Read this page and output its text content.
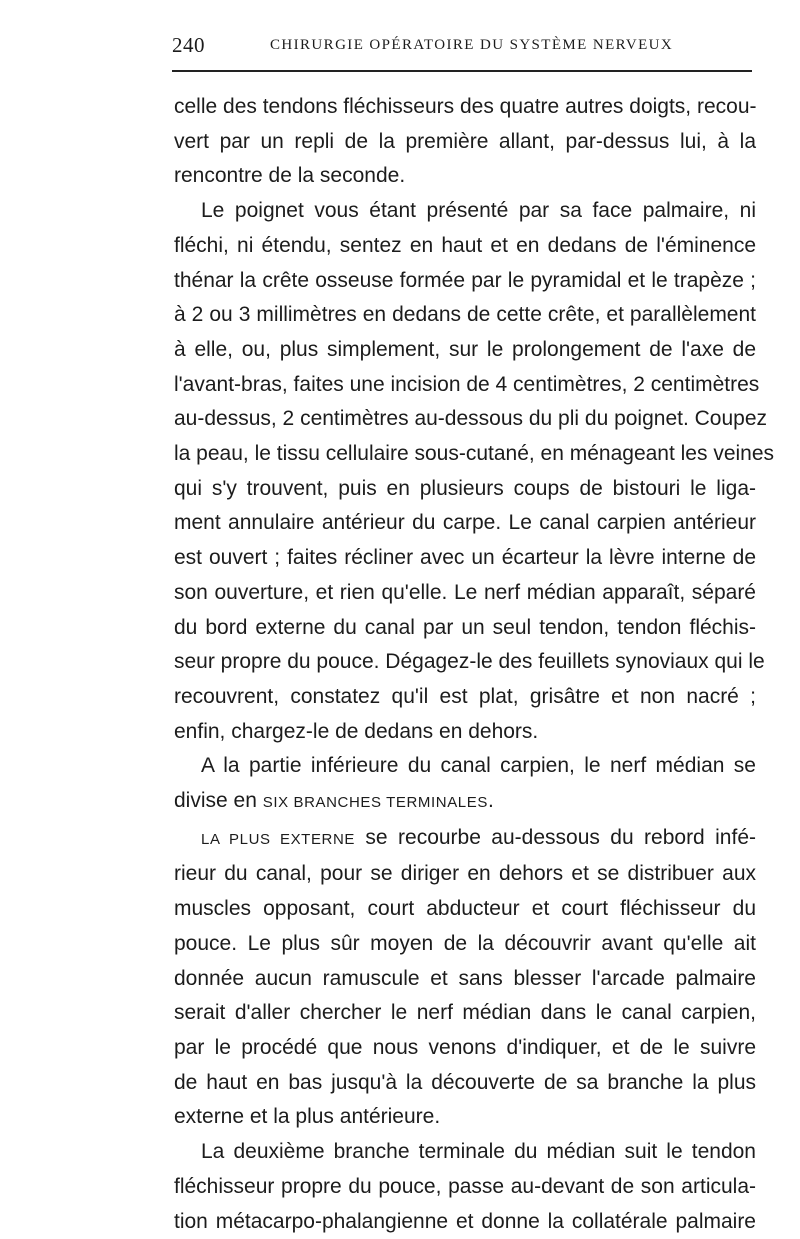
240	CHIRURGIE OPÉRATOIRE DU SYSTÈME NERVEUX

celle des tendons fléchisseurs des quatre autres doigts, recou-
vert par un repli de la première allant, par-dessus lui, à la
rencontre de la seconde.

Le poignet vous étant présenté par sa face palmaire, ni
fléchi, ni étendu, sentez en haut et en dedans de l'éminence
thénar la crête osseuse formée par le pyramidal et le trapèze ;
à 2 ou 3 millimètres en dedans de cette crête, et parallèlement
à elle, ou, plus simplement, sur le prolongement de l'axe de
l'avant-bras, faites une incision de 4 centimètres, 2 centimètres
au-dessus, 2 centimètres au-dessous du pli du poignet. Coupez
la peau, le tissu cellulaire sous-cutané, en ménageant les veines
qui s'y trouvent, puis en plusieurs coups de bistouri le liga-
ment annulaire antérieur du carpe. Le canal carpien antérieur
est ouvert ; faites récliner avec un écarteur la lèvre interne de
son ouverture, et rien qu'elle. Le nerf médian apparaît, séparé
du bord externe du canal par un seul tendon, tendon fléchis-
seur propre du pouce. Dégagez-le des feuillets synoviaux qui le
recouvrent, constatez qu'il est plat, grisâtre et non nacré ;
enfin, chargez-le de dedans en dehors.

A la partie inférieure du canal carpien, le nerf médian se
divise en SIX BRANCHES TERMINALES.

LA PLUS EXTERNE se recourbe au-dessous du rebord infé-
rieur du canal, pour se diriger en dehors et se distribuer aux
muscles opposant, court abducteur et court fléchisseur du
pouce. Le plus sûr moyen de la découvrir avant qu'elle ait
donnée aucun ramuscule et sans blesser l'arcade palmaire
serait d'aller chercher le nerf médian dans le canal carpien,
par le procédé que nous venons d'indiquer, et de le suivre
de haut en bas jusqu'à la découverte de sa branche la plus
externe et la plus antérieure.

La deuxième branche terminale du médian suit le tendon
fléchisseur propre du pouce, passe au-devant de son articula-
tion métacarpo-phalangienne et donne la collatérale palmaire
